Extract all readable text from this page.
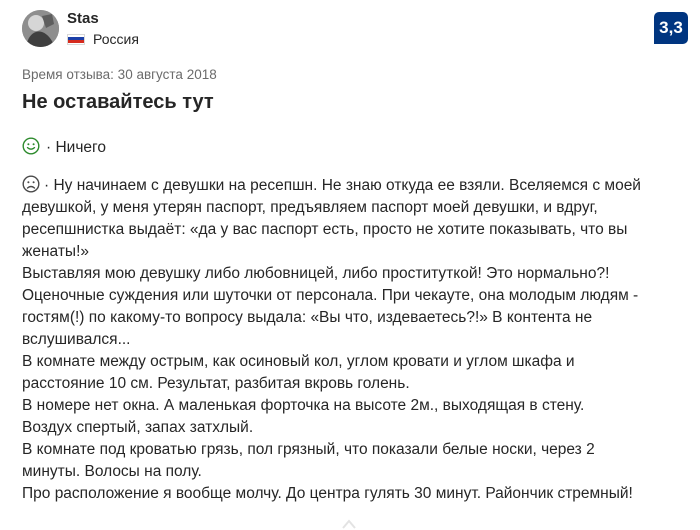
Stas
Россия
3,3
Время отзыва: 30 августа 2018
Не оставайтесь тут
· Ничего
· Ну начинаем с девушки на ресепшн. Не знаю откуда ее взяли. Вселяемся с моей
девушкой, у меня утерян паспорт, предъявляем паспорт моей девушки, и вдруг,
ресепшнистка выдаёт: «да у вас паспорт есть, просто не хотите показывать, что вы
женаты!»
Выставляя мою девушку либо любовницей, либо проституткой! Это нормально?!
Оценочные суждения или шуточки от персонала. При чекауте, она молодым людям -
гостям(!) по какому-то вопросу выдала: «Вы что, издеваетесь?!» В контента не
вслушивался...
В комнате между острым, как осиновый кол, углом кровати и углом шкафа и
расстояние 10 см. Результат, разбитая вкровь голень.
В номере нет окна. А маленькая форточка на высоте 2м., выходящая в стену.
Воздух спертый, запах затхлый.
В комнате под кроватью грязь, пол грязный, что показали белые носки, через 2
минуты. Волосы на полу.
Про расположение я вообще молчу. До центра гулять 30 минут. Райончик стремный!
